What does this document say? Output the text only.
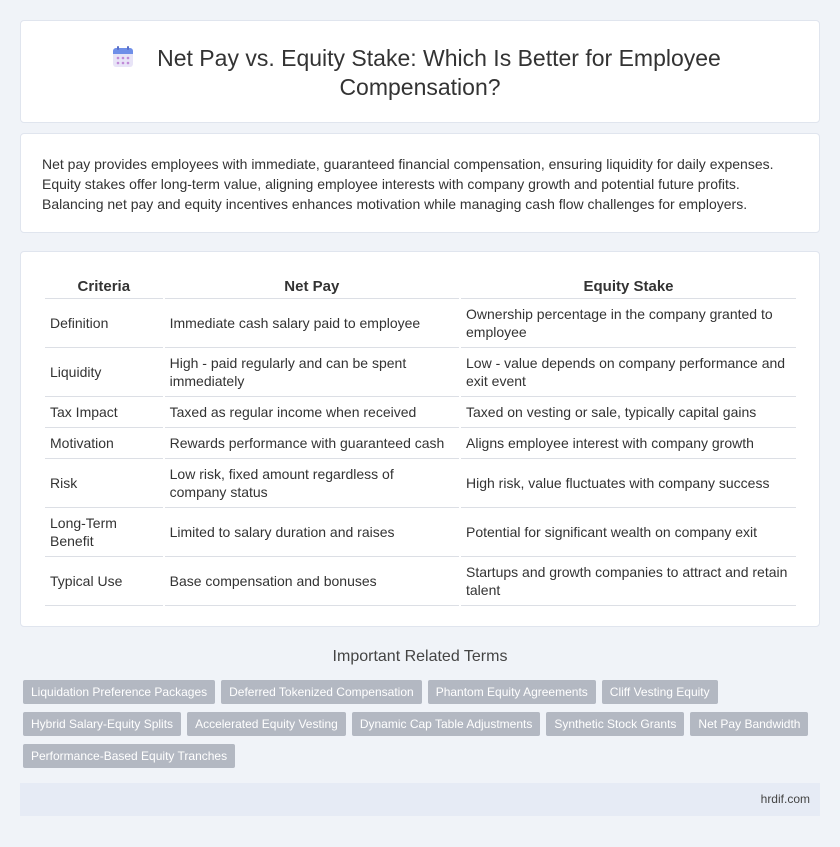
Net Pay vs. Equity Stake: Which Is Better for Employee
Compensation?

Net pay provides employees with immediate, guaranteed financial compensation, ensuring liquidity for daily expenses. Equity stakes offer long-term value, aligning employee interests with company growth and potential future profits. Balancing net pay and equity incentives enhances motivation while managing cash flow challenges for employers.

Criteria	Net Pay	Equity Stake
Definition	Immediate cash salary paid to employee	Ownership percentage in the company granted to employee
Liquidity	High - paid regularly and can be spent immediately	Low - value depends on company performance and exit event
Tax Impact	Taxed as regular income when received	Taxed on vesting or sale, typically capital gains
Motivation	Rewards performance with guaranteed cash	Aligns employee interest with company growth
Risk	Low risk, fixed amount regardless of company status	High risk, value fluctuates with company success
Long-Term Benefit	Limited to salary duration and raises	Potential for significant wealth on company exit
Typical Use	Base compensation and bonuses	Startups and growth companies to attract and retain talent
Important Related Terms
Liquidation Preference Packages	Deferred Tokenized Compensation	Phantom Equity Agreements	Cliff Vesting Equity
Hybrid Salary-Equity Splits	Accelerated Equity Vesting	Dynamic Cap Table Adjustments	Synthetic Stock Grants	Net Pay Bandwidth
Performance-Based Equity Tranches
hrdif.com
